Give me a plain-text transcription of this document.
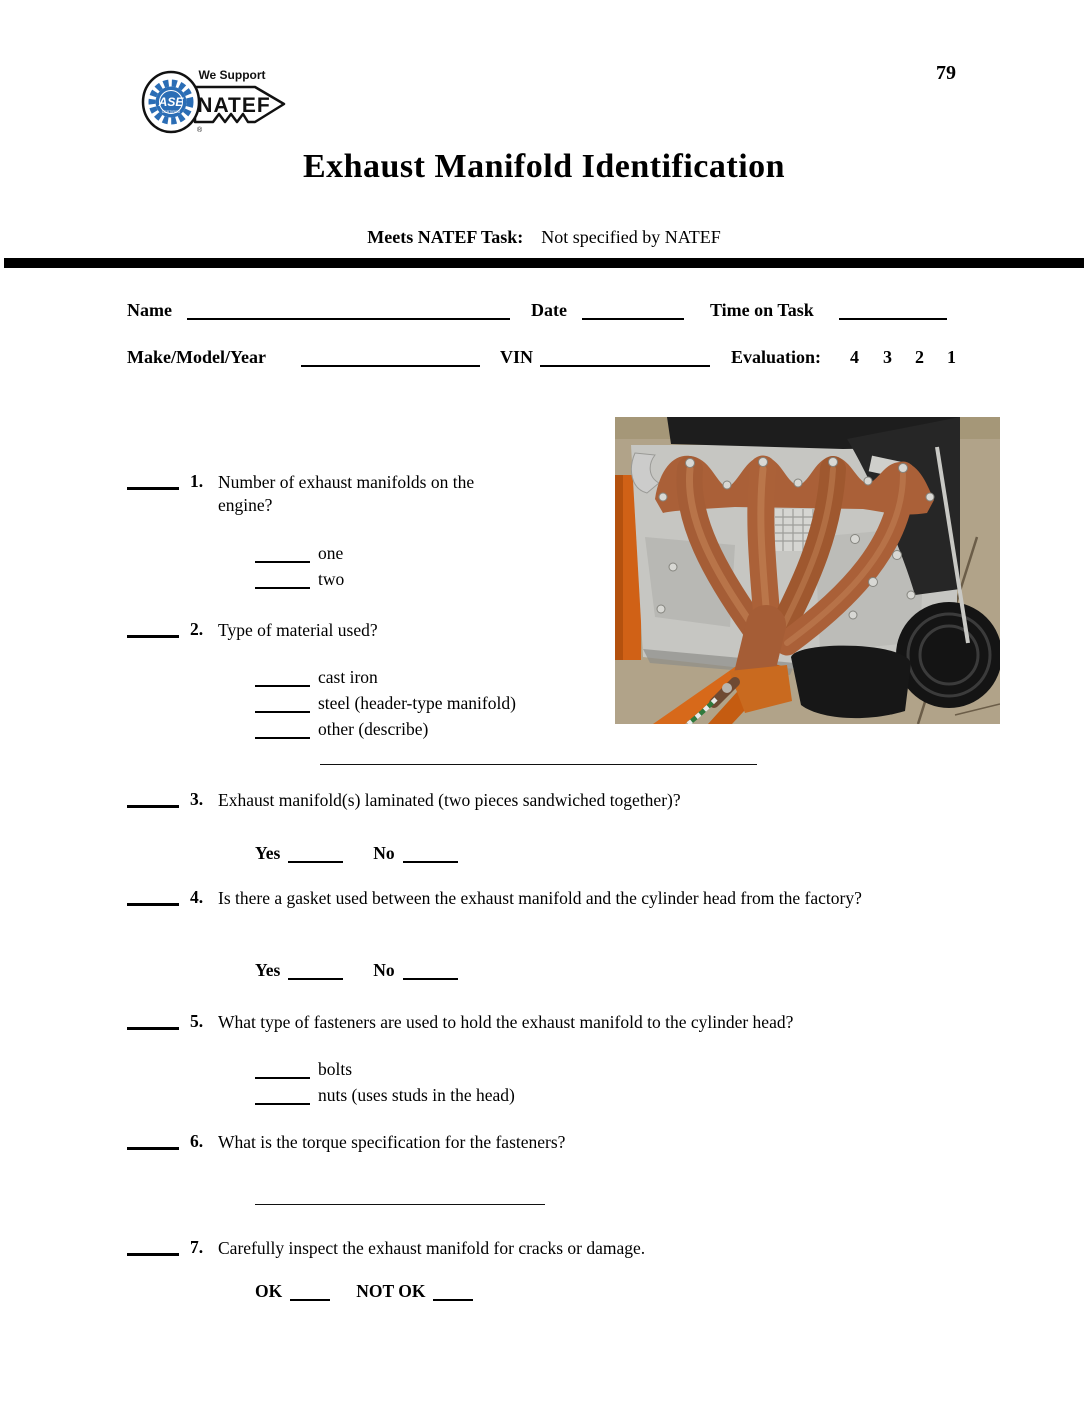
79
ASE
CERTIFIED
We Support
NATEF
®
Exhaust Manifold Identification
Meets NATEF Task: Not specified by NATEF
Name	Date	Time on Task
Make/Model/Year	VIN	Evaluation: 4 3 2 1
1. Number of exhaust manifolds on the engine?
one
two
2. Type of material used?
cast iron
steel (header-type manifold)
other (describe)
3. Exhaust manifold(s) laminated (two pieces sandwiched together)?
Yes	No
4. Is there a gasket used between the exhaust manifold and the cylinder head from the factory?
Yes	No
5. What type of fasteners are used to hold the exhaust manifold to the cylinder head?
bolts
nuts (uses studs in the head)
6. What is the torque specification for the fasteners?
7. Carefully inspect the exhaust manifold for cracks or damage.
OK	NOT OK
